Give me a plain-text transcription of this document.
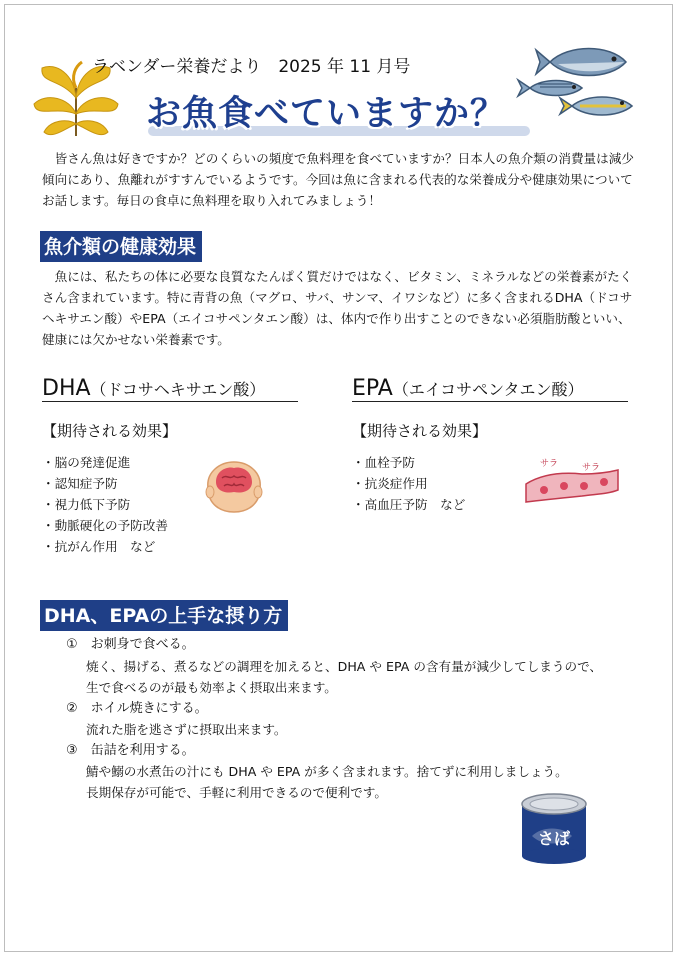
ラベンダー栄養だより　2025 年 11 月号
お魚食べていますか？
　皆さん魚は好きですか？どのくらいの頻度で魚料理を食べていますか？日本人の魚介類の消費量は減少傾向にあり、魚離れがすすんでいるようです。今回は魚に含まれる代表的な栄養成分や健康効果についてお話します。毎日の食卓に魚料理を取り入れてみましょう！
魚介類の健康効果
　魚には、私たちの体に必要な良質なたんぱく質だけではなく、ビタミン、ミネラルなどの栄養素がたくさん含まれています。特に青背の魚（マグロ、サバ、サンマ、イワシなど）に多く含まれるDHA（ドコサヘキサエン酸）やEPA（エイコサペンタエン酸）は、体内で作り出すことのできない必須脂肪酸といい、健康には欠かせない栄養素です。
DHA（ドコサヘキサエン酸）
【期待される効果】
・ 脳の発達促進
・ 認知症予防
・ 視力低下予防
・ 動脈硬化の予防改善
・ 抗がん作用　など
EPA（エイコサペンタエン酸）
【期待される効果】
・ 血栓予防
・ 抗炎症作用
・ 高血圧予防　など
サラ	サラ
DHA、EPAの上手な摂り方
①　お刺身で食べる。
焼く、揚げる、煮るなどの調理を加えると、DHA や EPA の含有量が減少してしまうので、
生で食べるのが最も効率よく摂取出来ます。
②　ホイル焼きにする。
流れた脂を逃さずに摂取出来ます。
③　缶詰を利用する。
鯖や鰯の水煮缶の汁にも DHA や EPA が多く含まれます。捨てずに利用しましょう。
長期保存が可能で、手軽に利用できるので便利です。
さば
